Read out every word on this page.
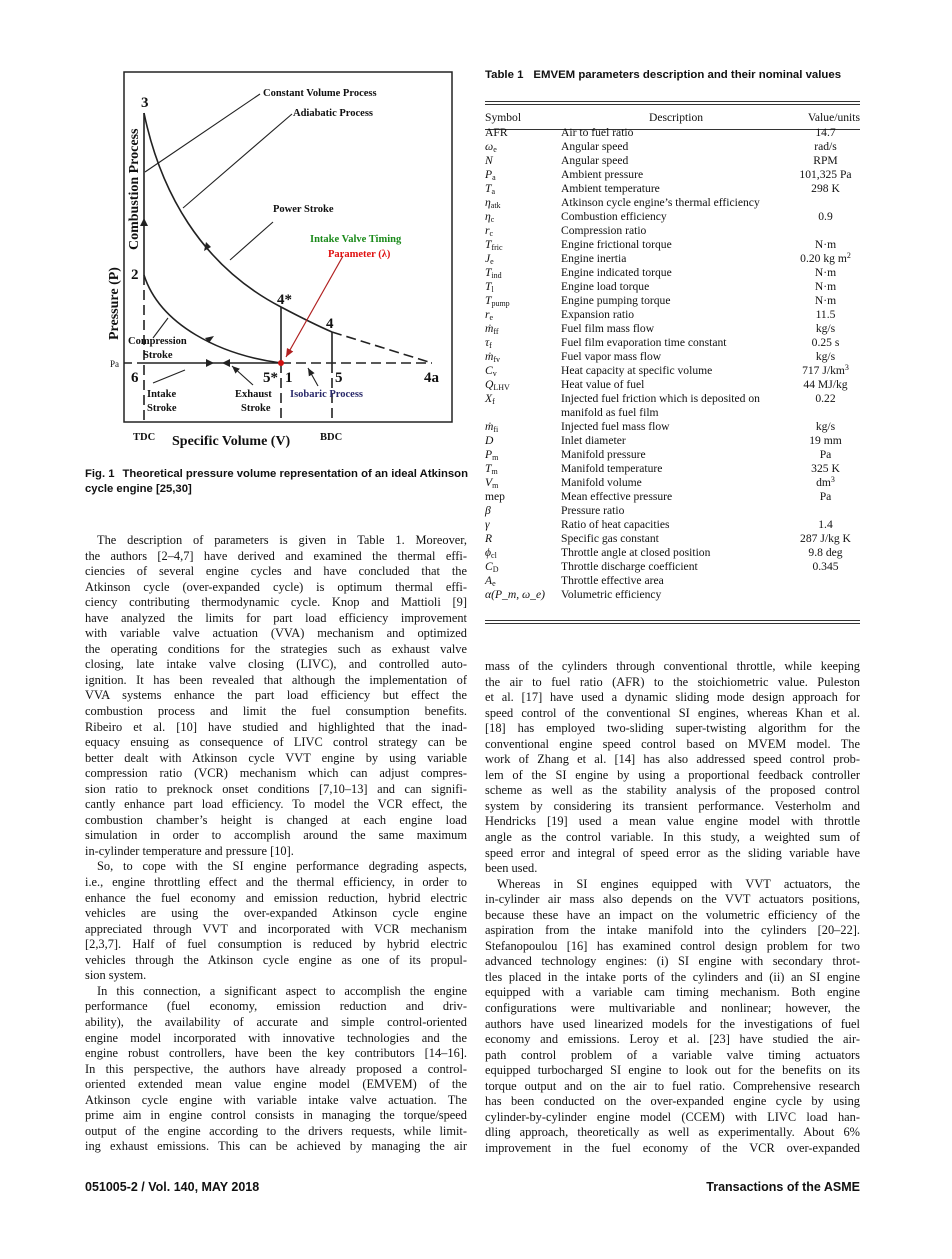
3
2
4*
4
6	5* 1	5	4a
Pa
Constant Volume Process
Adiabatic Process
Power Stroke
Intake Valve Timing
Parameter (λ)
Compression
Stroke
Intake
Stroke
Exhaust
Stroke
Isobaric Process
TDC	BDC
Specific Volume (V)
Combustion Process
Pressure (P)
Fig. 1 Theoretical pressure volume representation of an ideal Atkinson cycle engine [25,30]
Table 1 EMVEM parameters description and their nominal values
Symbol	Description	Value/units
AFR	Air to fuel ratio	14.7
$\omega_e$	Angular speed	rad/s
N	Angular speed	RPM
$P_a$	Ambient pressure	101,325 Pa
$T_a$	Ambient temperature	298 K
$\eta_{atk}$	Atkinson cycle engine’s thermal efficiency	
$\eta_c$	Combustion efficiency	0.9
$r_c$	Compression ratio	
$T_{fric}$	Engine frictional torque	N·m
$J_e$	Engine inertia	0.20 kg $m^2$
$T_{ind}$	Engine indicated torque	N·m
$T_l$	Engine load torque	N·m
$T_{pump}$	Engine pumping torque	N·m
$r_e$	Expansion ratio	11.5
ṁ$_{ff}$	Fuel film mass flow	kg/s
$\tau_f$	Fuel film evaporation time constant	0.25 s
ṁ$_{fv}$	Fuel vapor mass flow	kg/s
$C_v$	Heat capacity at specific volume	717 $J/km^3$
$Q_{LHV}$	Heat value of fuel	44 MJ/kg
$X_f$	Injected fuel friction which is deposited on manifold as fuel film	0.22
ṁ$_{fi}$	Injected fuel mass flow	kg/s
D	Inlet diameter	19 mm
$P_m$	Manifold pressure	Pa
$T_m$	Manifold temperature	325 K
$V_m$	Manifold volume	$dm^3$
mep	Mean effective pressure	Pa
β	Pressure ratio	
γ	Ratio of heat capacities	1.4
R	Specific gas constant	287 J/kg K
$\phi_{cl}$	Throttle angle at closed position	9.8 deg
$C_D$	Throttle discharge coefficient	0.345
$A_e$	Throttle effective area	
α(P_m, ω_e)	Volumetric efficiency	
The description of parameters is given in Table 1. Moreover,
the authors [2–4,7] have derived and examined the thermal effi-
ciencies of several engine cycles and have concluded that the
Atkinson cycle (over-expanded cycle) is optimum thermal effi-
ciency contributing thermodynamic cycle. Knop and Mattioli [9]
have analyzed the limits for part load efficiency improvement
with variable valve actuation (VVA) mechanism and optimized
the operating conditions for the strategies such as exhaust valve
closing, late intake valve closing (LIVC), and controlled auto-
ignition. It has been revealed that although the implementation of
VVA systems enhance the part load efficiency but effect the
combustion process and limit the fuel consumption benefits.
Ribeiro et al. [10] have studied and highlighted that the inad-
equacy ensuing as consequence of LIVC control strategy can be
better dealt with Atkinson cycle VVT engine by using variable
compression ratio (VCR) mechanism which can adjust compres-
sion ratio to preknock onset conditions [7,10–13] and can signifi-
cantly enhance part load efficiency. To model the VCR effect, the
combustion chamber’s height is changed at each engine load
simulation in order to accomplish around the same maximum
in-cylinder temperature and pressure [10].
So, to cope with the SI engine performance degrading aspects,
i.e., engine throttling effect and the thermal efficiency, in order to
enhance the fuel economy and emission reduction, hybrid electric
vehicles are using the over-expanded Atkinson cycle engine
appreciated through VVT and incorporated with VCR mechanism
[2,3,7]. Half of fuel consumption is reduced by hybrid electric
vehicles through the Atkinson cycle engine as one of its propul-
sion system.
In this connection, a significant aspect to accomplish the engine
performance (fuel economy, emission reduction and driv-
ability), the availability of accurate and simple control-oriented
engine model incorporated with innovative technologies and the
engine robust controllers, have been the key contributors [14–16].
In this perspective, the authors have already proposed a control-
oriented extended mean value engine model (EMVEM) of the
Atkinson cycle engine with variable intake valve actuation. The
prime aim in engine control consists in managing the torque/speed
output of the engine according to the drivers requests, while limit-
ing exhaust emissions. This can be achieved by managing the air
mass of the cylinders through conventional throttle, while keeping
the air to fuel ratio (AFR) to the stoichiometric value. Puleston
et al. [17] have used a dynamic sliding mode design approach for
speed control of the conventional SI engines, whereas Khan et al.
[18] has employed two-sliding super-twisting algorithm for the
conventional engine speed control based on MVEM model. The
work of Zhang et al. [14] has also addressed speed control prob-
lem of the SI engine by using a proportional feedback controller
scheme as well as the stability analysis of the proposed control
system by considering its transient performance. Vesterholm and
Hendricks [19] used a mean value engine model with throttle
angle as the control variable. In this study, a weighted sum of
speed error and integral of speed error as the sliding variable have
been used.
Whereas in SI engines equipped with VVT actuators, the
in-cylinder air mass also depends on the VVT actuators positions,
because these have an impact on the volumetric efficiency of the
aspiration from the intake manifold into the cylinders [20–22].
Stefanopoulou [16] has examined control design problem for two
advanced technology engines: (i) SI engine with secondary throt-
tles placed in the intake ports of the cylinders and (ii) an SI engine
equipped with a variable cam timing mechanism. Both engine
configurations were multivariable and nonlinear; however, the
authors have used linearized models for the investigations of fuel
economy and emissions. Leroy et al. [23] have studied the air-
path control problem of a variable valve timing actuators
equipped turbocharged SI engine to look out for the benefits on its
torque output and on the air to fuel ratio. Comprehensive research
has been conducted on the over-expanded engine cycle by using
cylinder-by-cylinder engine model (CCEM) with LIVC load han-
dling approach, theoretically as well as experimentally. About 6%
improvement in the fuel economy of the VCR over-expanded
051005-2 / Vol. 140, MAY 2018	Transactions of the ASME
